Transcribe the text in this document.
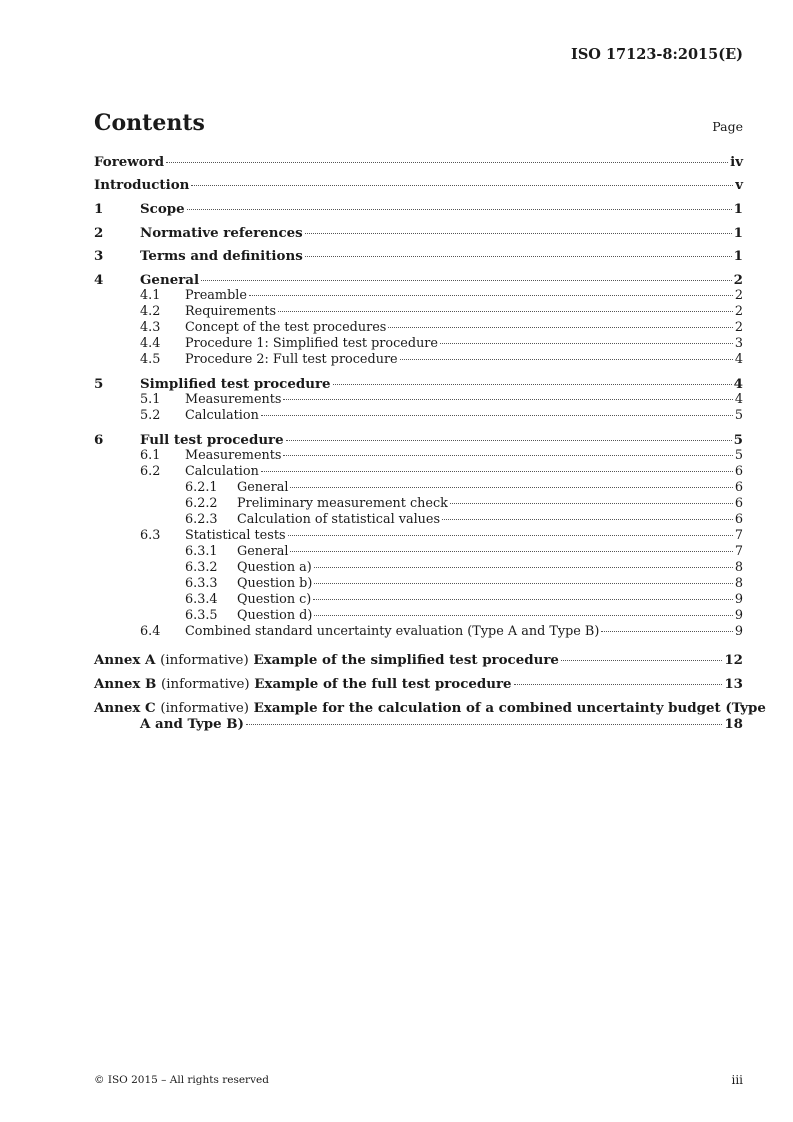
ISO 17123-8:2015(E)
Contents	Page
Foreword	iv
Introduction	v
1	Scope	1
2	Normative references	1
3	Terms and definitions	1
4	General	2
4.1	Preamble	2
4.2	Requirements	2
4.3	Concept of the test procedures	2
4.4	Procedure 1: Simplified test procedure	3
4.5	Procedure 2: Full test procedure	4
5	Simplified test procedure	4
5.1	Measurements	4
5.2	Calculation	5
6	Full test procedure	5
6.1	Measurements	5
6.2	Calculation	6
6.2.1	General	6
6.2.2	Preliminary measurement check	6
6.2.3	Calculation of statistical values	6
6.3	Statistical tests	7
6.3.1	General	7
6.3.2	Question a)	8
6.3.3	Question b)	8
6.3.4	Question c)	9
6.3.5	Question d)	9
6.4	Combined standard uncertainty evaluation (Type A and Type B)	9
Annex A (informative) Example of the simplified test procedure	12
Annex B (informative) Example of the full test procedure	13
Annex C (informative) Example for the calculation of a combined uncertainty budget (Type
A and Type B)	18
© ISO 2015 – All rights reserved	iii
